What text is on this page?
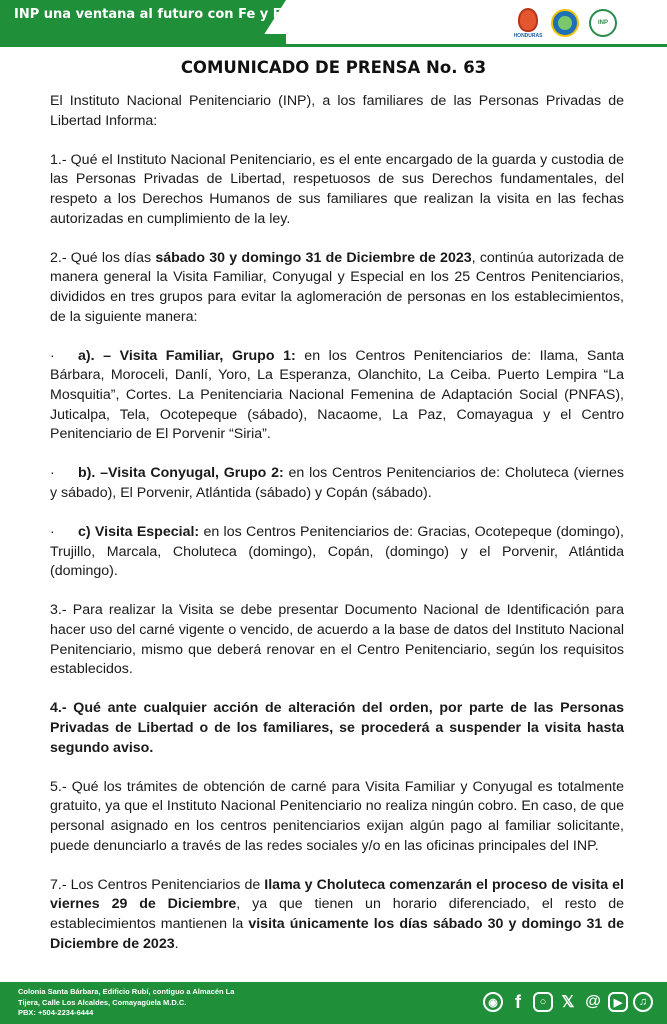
INP una ventana al futuro con Fe y Esperanza
HONDURAS
INP
COMUNICADO DE PRENSA No. 63

El Instituto Nacional Penitenciario (INP), a los familiares de las Personas Privadas de Libertad Informa:

1.- Qué el Instituto Nacional Penitenciario, es el ente encargado de la guarda y custodia de las Personas Privadas de Libertad, respetuosos de sus Derechos fundamentales, del respeto a los Derechos Humanos de sus familiares que realizan la visita en las fechas autorizadas en cumplimiento de la ley.

2.- Qué los días sábado 30 y domingo 31 de Diciembre de 2023, continúa autorizada de manera general la Visita Familiar, Conyugal y Especial en los 25 Centros Penitenciarios, divididos en tres grupos para evitar la aglomeración de personas en los establecimientos, de la siguiente manera:

· a). – Visita Familiar, Grupo 1: en los Centros Penitenciarios de: Ilama, Santa Bárbara, Moroceli, Danlí, Yoro, La Esperanza, Olanchito, La Ceiba. Puerto Lempira “La Mosquitia”, Cortes. La Penitenciaria Nacional Femenina de Adaptación Social (PNFAS), Juticalpa, Tela, Ocotepeque (sábado), Nacaome, La Paz, Comayagua y el Centro Penitenciario de El Porvenir “Siria”.

· b). –Visita Conyugal, Grupo 2: en los Centros Penitenciarios de: Choluteca (viernes y sábado), El Porvenir, Atlántida (sábado) y Copán (sábado).

· c) Visita Especial: en los Centros Penitenciarios de: Gracias, Ocotepeque (domingo), Trujillo, Marcala, Choluteca (domingo), Copán, (domingo) y el Porvenir, Atlántida (domingo).

3.- Para realizar la Visita se debe presentar Documento Nacional de Identificación para hacer uso del carné vigente o vencido, de acuerdo a la base de datos del Instituto Nacional Penitenciario, mismo que deberá renovar en el Centro Penitenciario, según los requisitos establecidos.

4.- Qué ante cualquier acción de alteración del orden, por parte de las Personas Privadas de Libertad o de los familiares, se procederá a suspender la visita hasta segundo aviso.

5.- Qué los trámites de obtención de carné para Visita Familiar y Conyugal es totalmente gratuito, ya que el Instituto Nacional Penitenciario no realiza ningún cobro. En caso, de que personal asignado en los centros penitenciarios exijan algún pago al familiar solicitante, puede denunciarlo a través de las redes sociales y/o en las oficinas principales del INP.

7.- Los Centros Penitenciarios de Ilama y Choluteca comenzarán el proceso de visita el viernes 29 de Diciembre, ya que tienen un horario diferenciado, el resto de establecimientos mantienen la visita únicamente los días sábado 30 y domingo 31 de Diciembre de 2023.

Colonia Santa Bárbara, Edificio Rubí, contiguo a Almacén La
Tijera, Calle Los Alcaldes, Comayagüela M.D.C.
PBX: +504-2234-6444
◉ f	○ 𝕏 @	▶	♫
